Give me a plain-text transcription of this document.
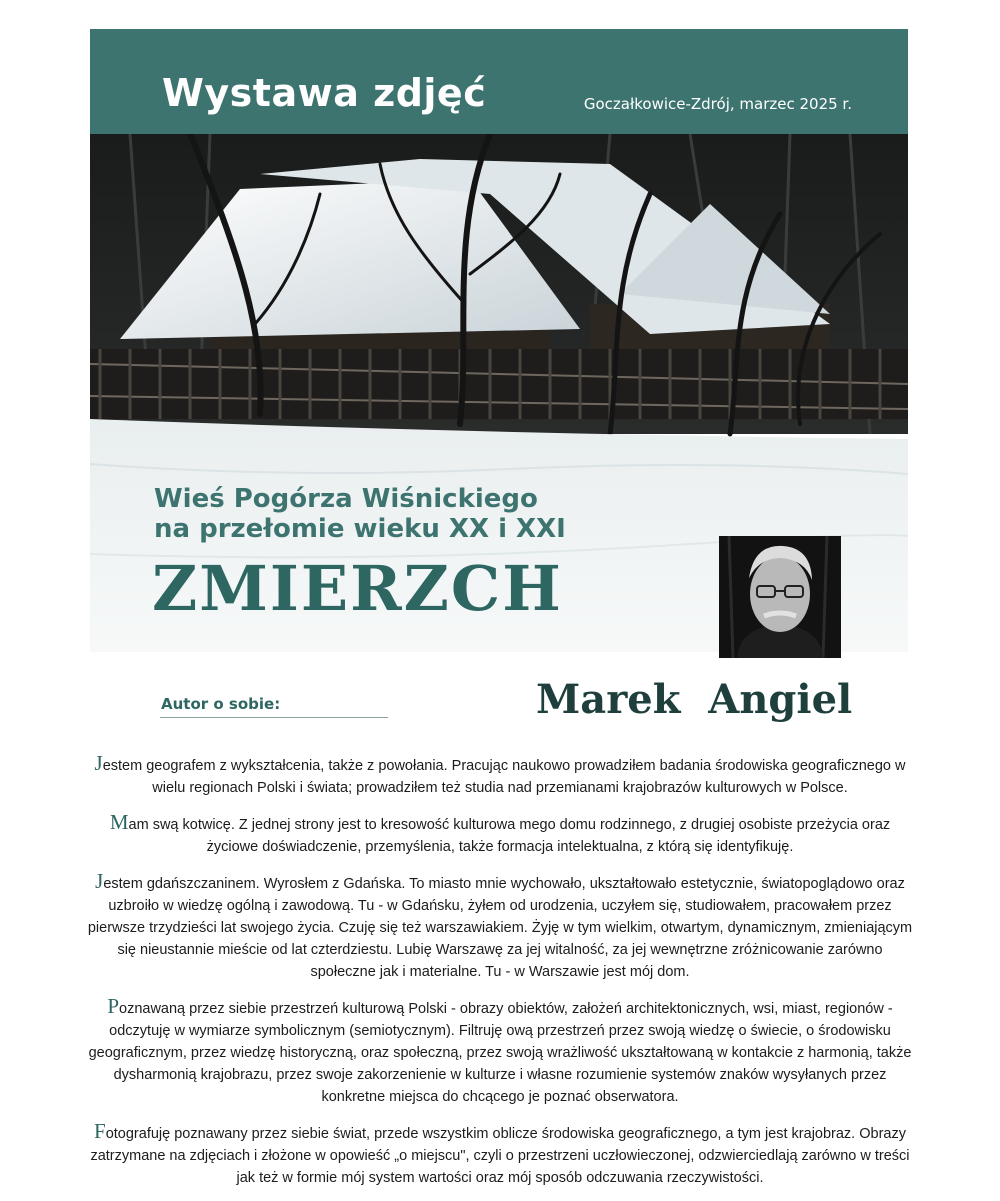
Wystawa zdjęć	Goczałkowice-Zdrój, marzec 2025 r.
Wieś Pogórza Wiśnickiego
na przełomie wieku XX i XXI
ZMIERZCH
Autor o sobie:	Marek  Angiel

Jestem geografem z wykształcenia, także z powołania. Pracując naukowo prowadziłem badania środowiska geograficznego w wielu regionach Polski i świata; prowadziłem też studia nad przemianami krajobrazów kulturowych w Polsce.

Mam swą kotwicę. Z jednej strony jest to kresowość kulturowa mego domu rodzinnego, z drugiej osobiste przeżycia oraz życiowe doświadczenie, przemyślenia, także formacja intelektualna, z którą się identyfikuję.

Jestem gdańszczaninem. Wyrosłem z Gdańska. To miasto mnie wychowało, ukształtowało estetycznie, światopoglądowo oraz uzbroiło w wiedzę ogólną i zawodową. Tu - w Gdańsku, żyłem od urodzenia, uczyłem się, studiowałem, pracowałem przez pierwsze trzydzieści lat swojego życia. Czuję się też warszawiakiem. Żyję w tym wielkim, otwartym, dynamicznym, zmieniającym się nieustannie mieście od lat czterdziestu. Lubię Warszawę za jej witalność, za jej wewnętrzne zróżnicowanie zarówno społeczne jak i materialne. Tu - w Warszawie jest mój dom.

Poznawaną przez siebie przestrzeń kulturową Polski - obrazy obiektów, założeń architektonicznych, wsi, miast, regionów - odczytuję w wymiarze symbolicznym (semiotycznym). Filtruję ową przestrzeń przez swoją wiedzę o świecie, o środowisku geograficznym, przez wiedzę historyczną, oraz społeczną, przez swoją wrażliwość ukształtowaną w kontakcie z harmonią, także dysharmonią krajobrazu, przez swoje zakorzenienie w kulturze i własne rozumienie systemów znaków wysyłanych przez konkretne miejsca do chcącego je poznać obserwatora.

Fotografuję poznawany przez siebie świat, przede wszystkim oblicze środowiska geograficznego, a tym jest krajobraz. Obrazy zatrzymane na zdjęciach i złożone w opowieść „o miejscu", czyli o przestrzeni uczłowieczonej, odzwierciedlają zarówno w treści jak też w formie mój system wartości oraz mój sposób odczuwania rzeczywistości.
